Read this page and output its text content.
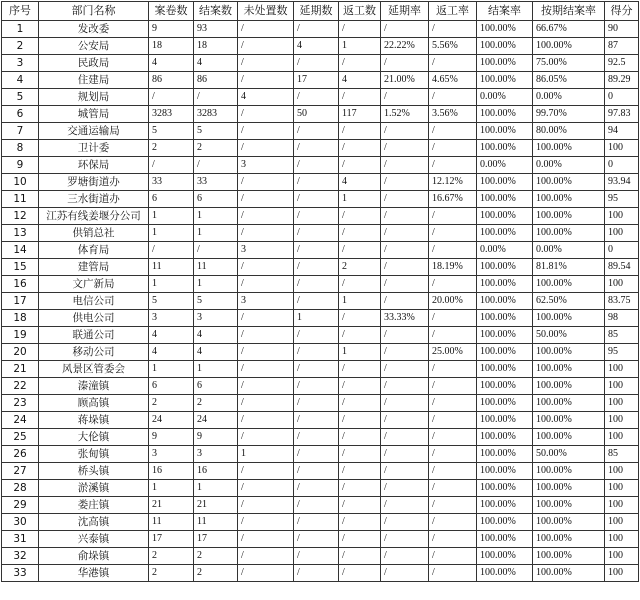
序号	部门名称	案卷数	结案数	未处置数	延期数	返工数	延期率	返工率	结案率	按期结案率	得分
1	发改委	9	93	/	/	/	/	/	100.00%	66.67%	90
2	公安局	18	18	/	4	1	22.22%	5.56%	100.00%	100.00%	87
3	民政局	4	4	/	/	/	/	/	100.00%	75.00%	92.5
4	住建局	86	86	/	17	4	21.00%	4.65%	100.00%	86.05%	89.29
5	规划局	/	/	4	/	/	/	/	0.00%	0.00%	0
6	城管局	3283	3283	/	50	117	1.52%	3.56%	100.00%	99.70%	97.83
7	交通运输局	5	5	/	/	/	/	/	100.00%	80.00%	94
8	卫计委	2	2	/	/	/	/	/	100.00%	100.00%	100
9	环保局	/	/	3	/	/	/	/	0.00%	0.00%	0
10	罗塘街道办	33	33	/	/	4	/	12.12%	100.00%	100.00%	93.94
11	三水街道办	6	6	/	/	1	/	16.67%	100.00%	100.00%	95
12	江苏有线姜堰分公司	1	1	/	/	/	/	/	100.00%	100.00%	100
13	供销总社	1	1	/	/	/	/	/	100.00%	100.00%	100
14	体育局	/	/	3	/	/	/	/	0.00%	0.00%	0
15	建管局	11	11	/	/	2	/	18.19%	100.00%	81.81%	89.54
16	文广新局	1	1	/	/	/	/	/	100.00%	100.00%	100
17	电信公司	5	5	3	/	1	/	20.00%	100.00%	62.50%	83.75
18	供电公司	3	3	/	1	/	33.33%	/	100.00%	100.00%	98
19	联通公司	4	4	/	/	/	/	/	100.00%	50.00%	85
20	移动公司	4	4	/	/	1	/	25.00%	100.00%	100.00%	95
21	风景区管委会	1	1	/	/	/	/	/	100.00%	100.00%	100
22	溱潼镇	6	6	/	/	/	/	/	100.00%	100.00%	100
23	顾高镇	2	2	/	/	/	/	/	100.00%	100.00%	100
24	蒋垛镇	24	24	/	/	/	/	/	100.00%	100.00%	100
25	大伦镇	9	9	/	/	/	/	/	100.00%	100.00%	100
26	张甸镇	3	3	1	/	/	/	/	100.00%	50.00%	85
27	桥头镇	16	16	/	/	/	/	/	100.00%	100.00%	100
28	淤溪镇	1	1	/	/	/	/	/	100.00%	100.00%	100
29	娄庄镇	21	21	/	/	/	/	/	100.00%	100.00%	100
30	沈高镇	11	11	/	/	/	/	/	100.00%	100.00%	100
31	兴泰镇	17	17	/	/	/	/	/	100.00%	100.00%	100
32	俞垛镇	2	2	/	/	/	/	/	100.00%	100.00%	100
33	华港镇	2	2	/	/	/	/	/	100.00%	100.00%	100
